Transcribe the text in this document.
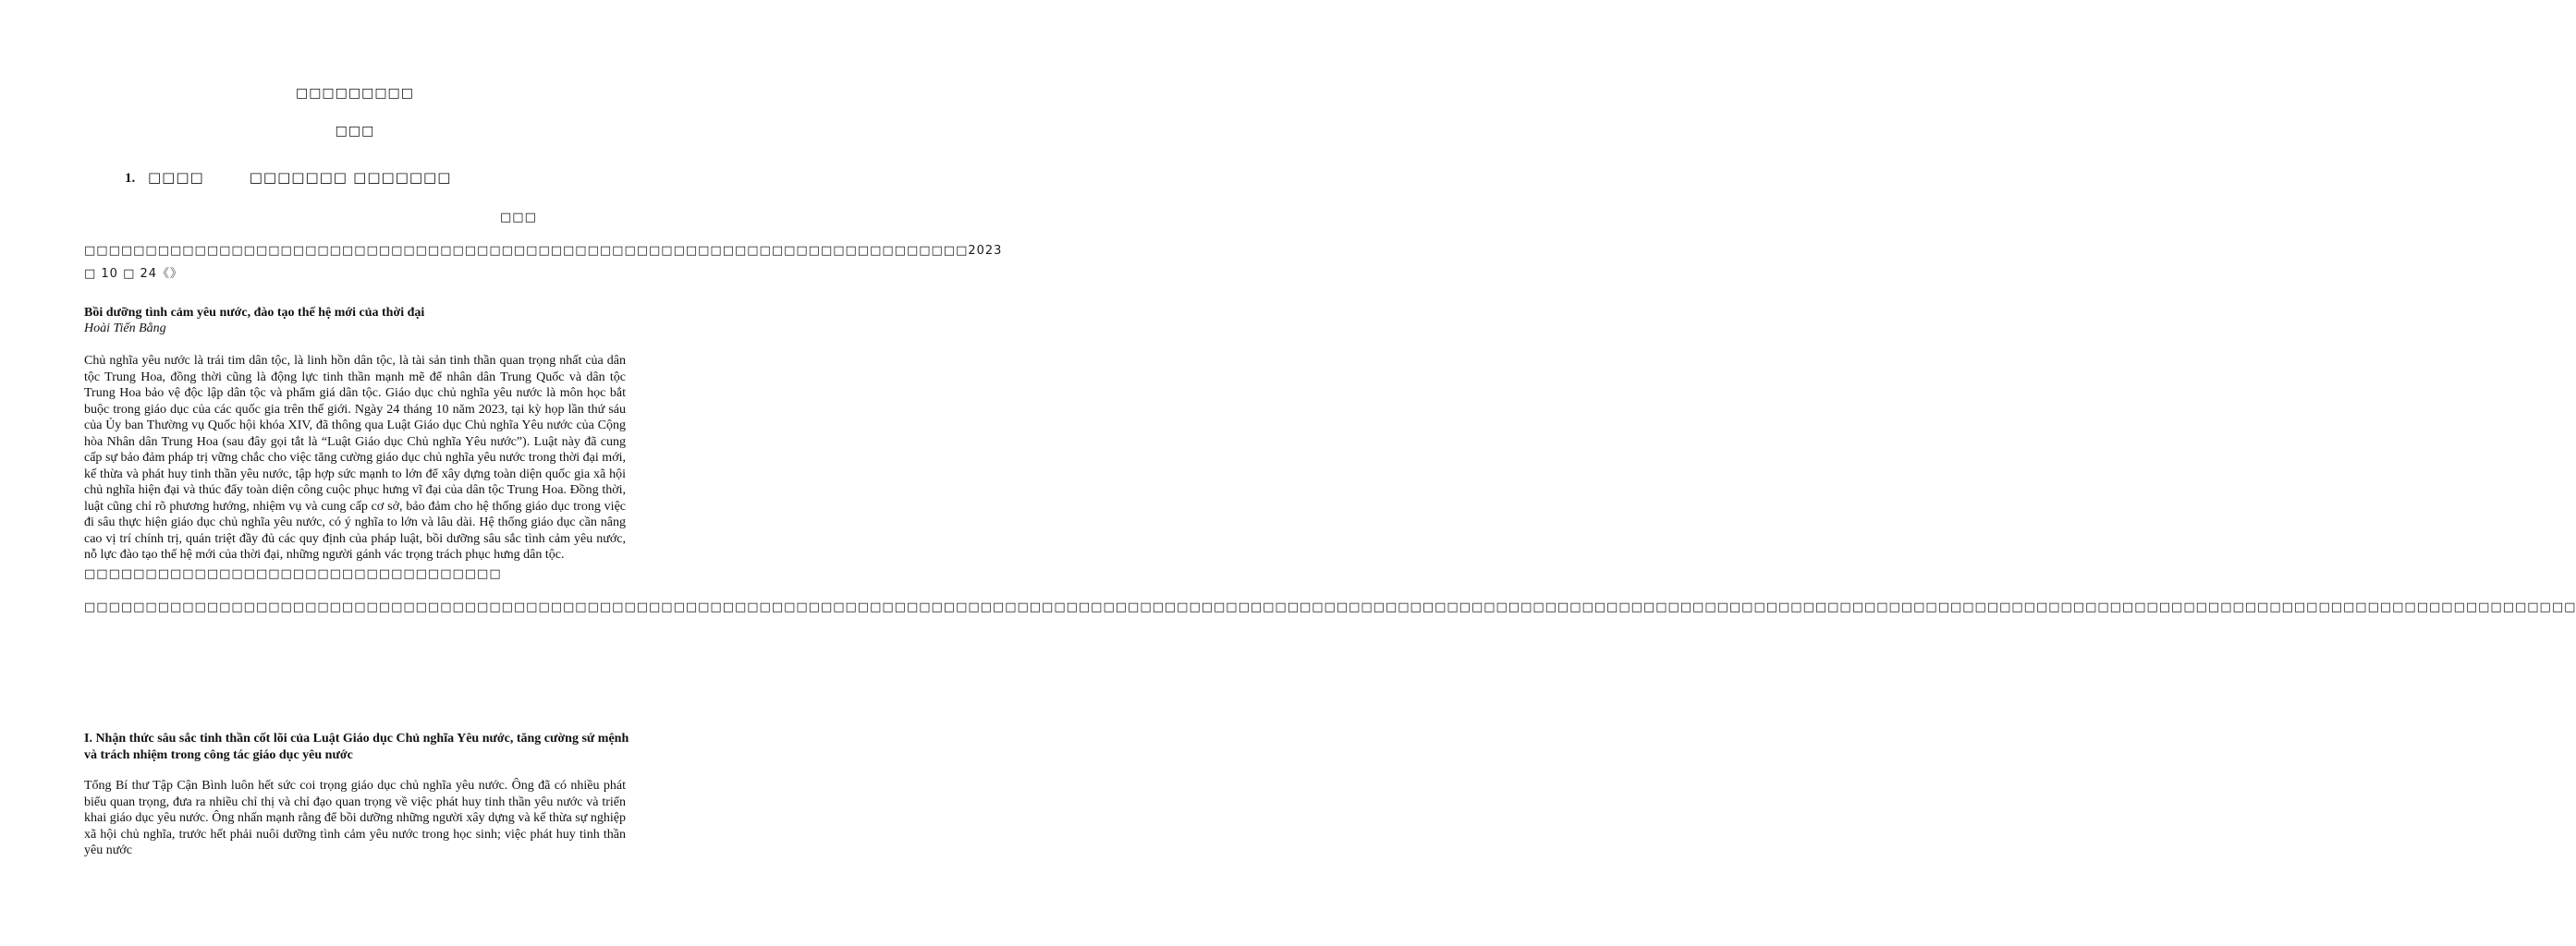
□□□□□□□□□
□□□
1. □□□□	□□□□□□□ □□□□□□□
□□□
□□□□□□□□□□□□□□□□□□□□□□□□□□□□□□□□□□□□□□□□□□□□□□□□□□□□□□□□□□□□□□□□□□□□□□□□2023 □ 10 □ 24《》
Bồi dưỡng tình cảm yêu nước, đào tạo thế hệ mới của thời đại
Hoài Tiến Bằng

Chủ nghĩa yêu nước là trái tim dân tộc, là linh hồn dân tộc, là tài sản tinh thần quan trọng nhất của dân tộc Trung Hoa, đồng thời cũng là động lực tinh thần mạnh mẽ để nhân dân Trung Quốc và dân tộc Trung Hoa bảo vệ độc lập dân tộc và phẩm giá dân tộc. Giáo dục chủ nghĩa yêu nước là môn học bắt buộc trong giáo dục của các quốc gia trên thế giới. Ngày 24 tháng 10 năm 2023, tại kỳ họp lần thứ sáu của Ủy ban Thường vụ Quốc hội khóa XIV, đã thông qua Luật Giáo dục Chủ nghĩa Yêu nước của Cộng hòa Nhân dân Trung Hoa (sau đây gọi tắt là “Luật Giáo dục Chủ nghĩa Yêu nước”). Luật này đã cung cấp sự bảo đảm pháp trị vững chắc cho việc tăng cường giáo dục chủ nghĩa yêu nước trong thời đại mới, kế thừa và phát huy tinh thần yêu nước, tập hợp sức mạnh to lớn để xây dựng toàn diện quốc gia xã hội chủ nghĩa hiện đại và thúc đẩy toàn diện công cuộc phục hưng vĩ đại của dân tộc Trung Hoa. Đồng thời, luật cũng chỉ rõ phương hướng, nhiệm vụ và cung cấp cơ sở, bảo đảm cho hệ thống giáo dục trong việc đi sâu thực hiện giáo dục chủ nghĩa yêu nước, có ý nghĩa to lớn và lâu dài. Hệ thống giáo dục cần nâng cao vị trí chính trị, quán triệt đầy đủ các quy định của pháp luật, bồi dưỡng sâu sắc tình cảm yêu nước, nỗ lực đào tạo thế hệ mới của thời đại, những người gánh vác trọng trách phục hưng dân tộc.

□□□□□□□□□□□□□□□□□□□□□□□□□□□□□□□□□□
□□□□□□□□□□□□□□□□□□□□□□□□□□□□□□□□□□□□□□□□□□□□□□□□□□□□□□□□□□□□□□□□□□□□□□□□□□□□□□□□□□□□□□□□□□□□□□□□□□□□□□□□□□□□□□□□□□□□□□□□□□□□□□□□□□□□□□□□□□□□□□□□□□□□□□□□□□□□□□□□□□□□□□□□□□□□□□□□□□□□□□□□□□□□□□□□□□□□□□□□□□□

I. Nhận thức sâu sắc tinh thần cốt lõi của Luật Giáo dục Chủ nghĩa Yêu nước, tăng cường sứ mệnh và trách nhiệm trong công tác giáo dục yêu nước

Tổng Bí thư Tập Cận Bình luôn hết sức coi trọng giáo dục chủ nghĩa yêu nước. Ông đã có nhiều phát biểu quan trọng, đưa ra nhiều chỉ thị và chỉ đạo quan trọng về việc phát huy tinh thần yêu nước và triển khai giáo dục yêu nước. Ông nhấn mạnh rằng để bồi dưỡng những người xây dựng và kế thừa sự nghiệp xã hội chủ nghĩa, trước hết phải nuôi dưỡng tình cảm yêu nước trong học sinh; việc phát huy tinh thần yêu nước
